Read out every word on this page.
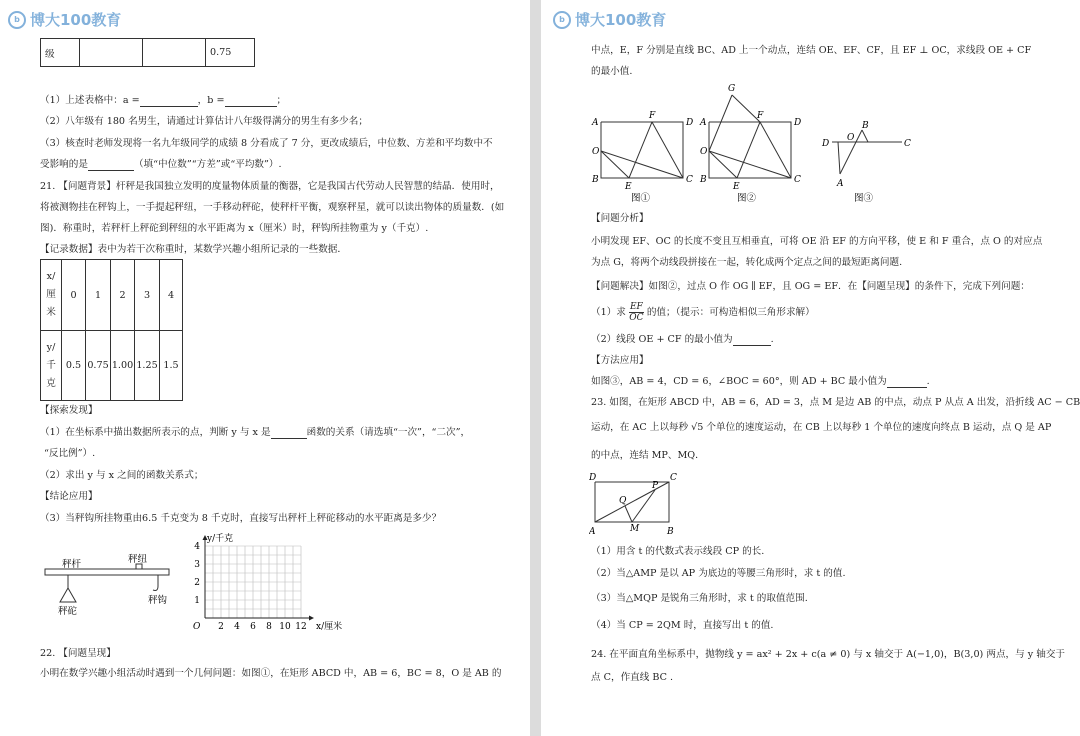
b 博大100教育
级			0.75
（1）上述表格中：a =	，b =	；
（2）八年级有 180 名男生，请通过计算估计八年级得满分的男生有多少名；
（3）核查时老师发现将一名九年级同学的成绩 8 分看成了 7 分，更改成绩后，中位数、方差和平均数中不
受影响的是	（填“中位数”“方差”或“平均数”）.
21. 【问题背景】杆秤是我国独立发明的度量物体质量的衡器，它是我国古代劳动人民智慧的结晶．使用时，
将被测物挂在秤钩上，一手提起秤纽，一手移动秤砣，使秤杆平衡，观察秤星，就可以读出物体的质量数．(如
图)．称重时，若秤杆上秤砣到秤纽的水平距离为 x（厘米）时，秤钩所挂物重为 y（千克）.
【记录数据】表中为若干次称重时，某数学兴趣小组所记录的一些数据．
x/
厘
米	0	1	2	3	4

y/
千
克	0.5	0.75	1.00	1.25	1.5
【探索发现】
（1）在坐标系中描出数据所表示的点，判断 y 与 x 是	函数的关系（请选填“一次”，“二次”，
“反比例”）.
（2）求出 y 与 x 之间的函数关系式；
【结论应用】
（3）当秤钩所挂物重由6.5 千克变为 8 千克时，直接写出秤杆上秤砣移动的水平距离是多少？
秤杆	秤纽
秤砣
秤钩
2 4 6 8 10 12
1
2
3
4
O	x/厘米
y/千克
22. 【问题呈现】
小明在数学兴趣小组活动时遇到一个几何问题：如图①，在矩形 ABCD 中，AB = 6，BC = 8，O 是 AB 的
b 博大100教育
中点，E，F 分别是直线 BC、AD 上一个动点，连结 OE、EF、CF，且 EF ⊥ OC，求线段 OE + CF
的最小值.
A	D
B	C
O
F
E
图①
A	D
B	C
O
F
E
G
图②
D	C
O
B
A
图③
【问题分析】
小明发现 EF、OC 的长度不变且互相垂直，可将 OE 沿 EF 的方向平移，使 E 和 F 重合，点 O 的对应点
为点 G，将两个动线段拼接在一起，转化成两个定点之间的最短距离问题.
【问题解决】如图②，过点 O 作 OG ∥ EF，且 OG = EF．在【问题呈现】的条件下，完成下列问题：
（1）求 $\frac{EF}{OC}$ 的值；（提示：可构造相似三角形求解）
（2）线段 OE + CF 的最小值为	.
【方法应用】
如图③，AB = 4，CD = 6，∠BOC = 60°，则 AD + BC 最小值为	.
23. 如图，在矩形 ABCD 中，AB = 6，AD = 3，点 M 是边 AB 的中点，动点 P 从点 A 出发，沿折线 AC − CB
运动，在 AC 上以每秒 √5 个单位的速度运动，在 CB 上以每秒 1 个单位的速度向终点 B 运动，点 Q 是 AP
的中点，连结 MP、MQ．
D	C
A	B
M
Q
P
（1）用含 t 的代数式表示线段 CP 的长.
（2）当△AMP 是以 AP 为底边的等腰三角形时，求 t 的值.
（3）当△MQP 是锐角三角形时，求 t 的取值范围.
（4）当 CP = 2QM 时，直接写出 t 的值.
24. 在平面直角坐标系中，抛物线 y = ax² + 2x + c(a ≠ 0) 与 x 轴交于 A(−1,0)，B(3,0) 两点，与 y 轴交于
点 C，作直线 BC .
